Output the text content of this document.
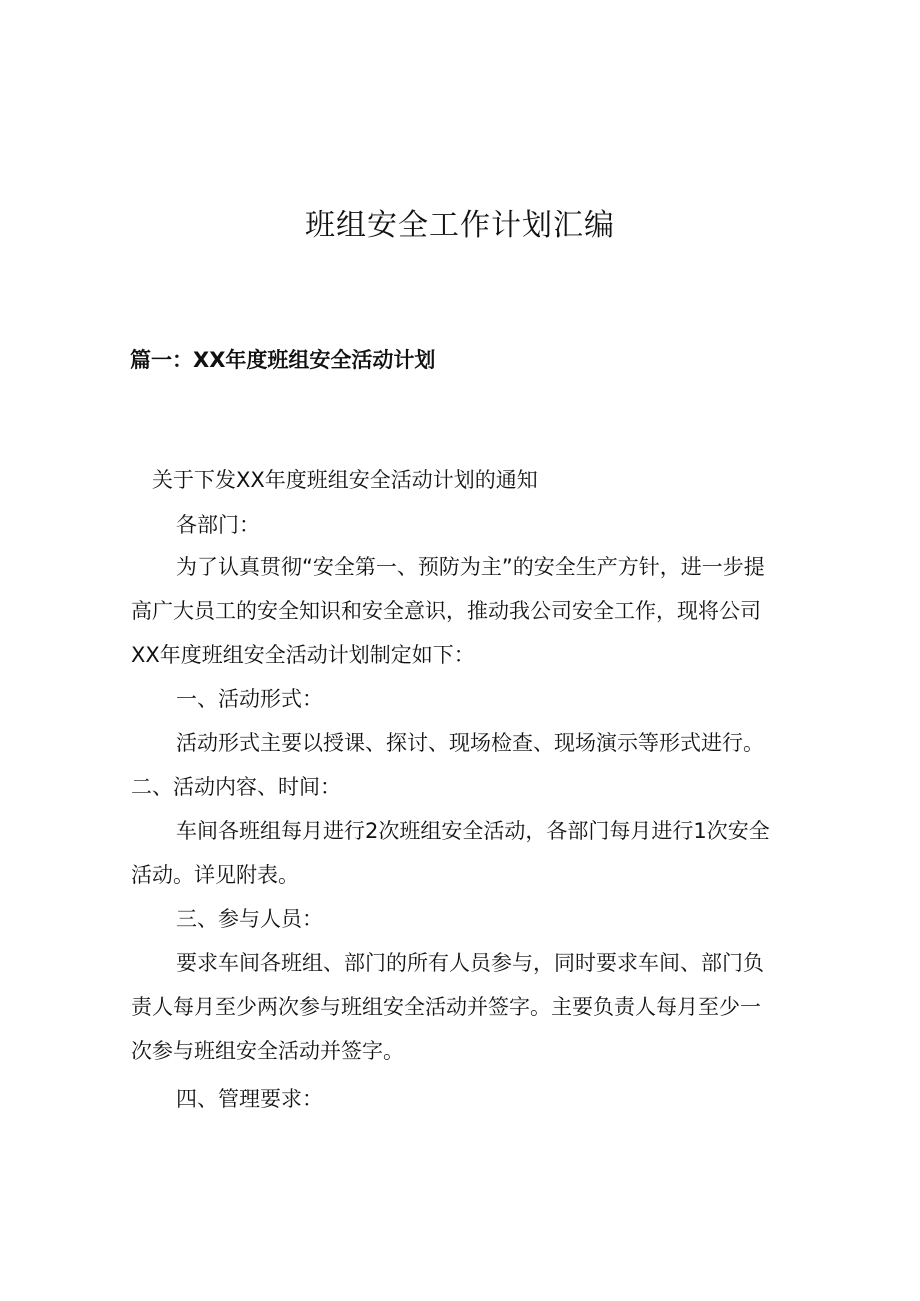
班组安全工作计划汇编
篇一：XX年度班组安全活动计划

关于下发XX年度班组安全活动计划的通知

各部门：

为了认真贯彻“安全第一、预防为主”的安全生产方针，进一步提

高广大员工的安全知识和安全意识，推动我公司安全工作，现将公司

XX年度班组安全活动计划制定如下：

一、活动形式：

活动形式主要以授课、探讨、现场检查、现场演示等形式进行。

二、活动内容、时间：

车间各班组每月进行2次班组安全活动，各部门每月进行1次安全

活动。详见附表。

三、参与人员：

要求车间各班组、部门的所有人员参与，同时要求车间、部门负

责人每月至少两次参与班组安全活动并签字。主要负责人每月至少一

次参与班组安全活动并签字。

四、管理要求：
